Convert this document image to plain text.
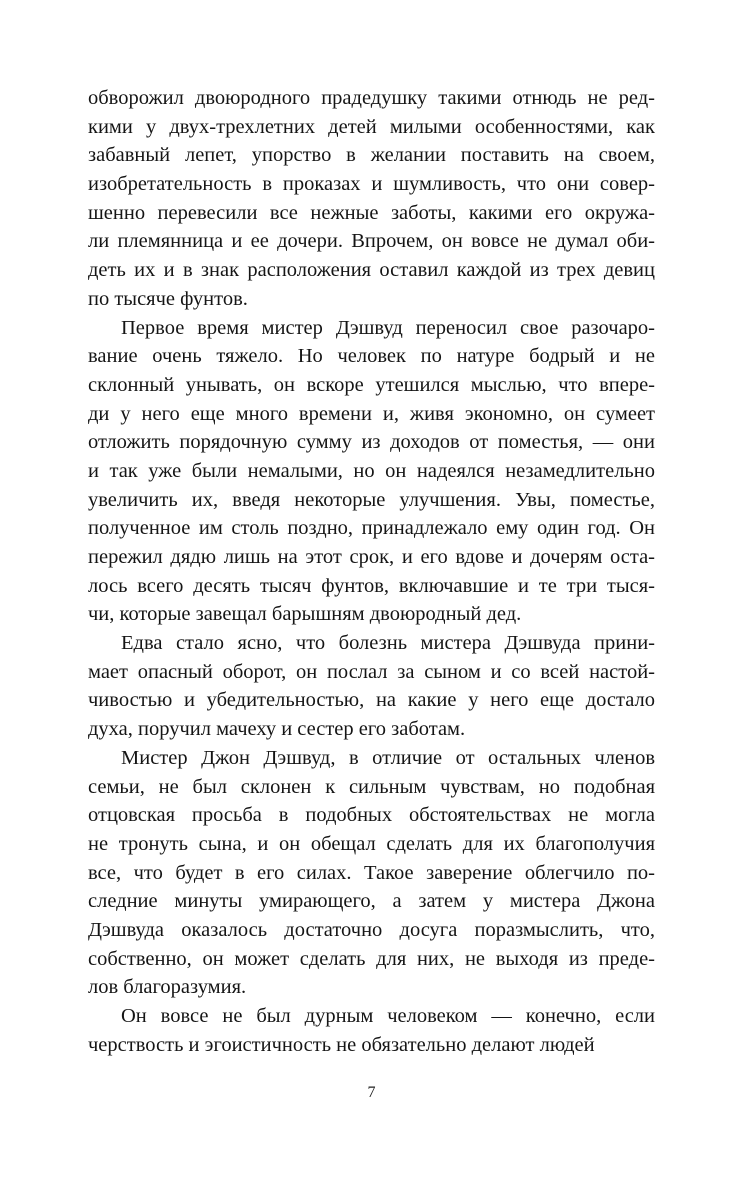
обворожил двоюродного прадедушку такими отнюдь не ред-
кими у двух-трехлетних детей милыми особенностями, как
забавный лепет, упорство в желании поставить на своем,
изобретательность в проказах и шумливость, что они совер-
шенно перевесили все нежные заботы, какими его окружа-
ли племянница и ее дочери. Впрочем, он вовсе не думал оби-
деть их и в знак расположения оставил каждой из трех девиц
по тысяче фунтов.
Первое время мистер Дэшвуд переносил свое разочаро-
вание очень тяжело. Но человек по натуре бодрый и не
склонный унывать, он вскоре утешился мыслью, что впере-
ди у него еще много времени и, живя экономно, он сумеет
отложить порядочную сумму из доходов от поместья, — они
и так уже были немалыми, но он надеялся незамедлительно
увеличить их, введя некоторые улучшения. Увы, поместье,
полученное им столь поздно, принадлежало ему один год. Он
пережил дядю лишь на этот срок, и его вдове и дочерям оста-
лось всего десять тысяч фунтов, включавшие и те три тыся-
чи, которые завещал барышням двоюродный дед.
Едва стало ясно, что болезнь мистера Дэшвуда прини-
мает опасный оборот, он послал за сыном и со всей настой-
чивостью и убедительностью, на какие у него еще достало
духа, поручил мачеху и сестер его заботам.
Мистер Джон Дэшвуд, в отличие от остальных членов
семьи, не был склонен к сильным чувствам, но подобная
отцовская просьба в подобных обстоятельствах не могла
не тронуть сына, и он обещал сделать для их благополучия
все, что будет в его силах. Такое заверение облегчило по-
следние минуты умирающего, а затем у мистера Джона
Дэшвуда оказалось достаточно досуга поразмыслить, что,
собственно, он может сделать для них, не выходя из преде-
лов благоразумия.
Он вовсе не был дурным человеком — конечно, если
черствость и эгоистичность не обязательно делают людей
7
